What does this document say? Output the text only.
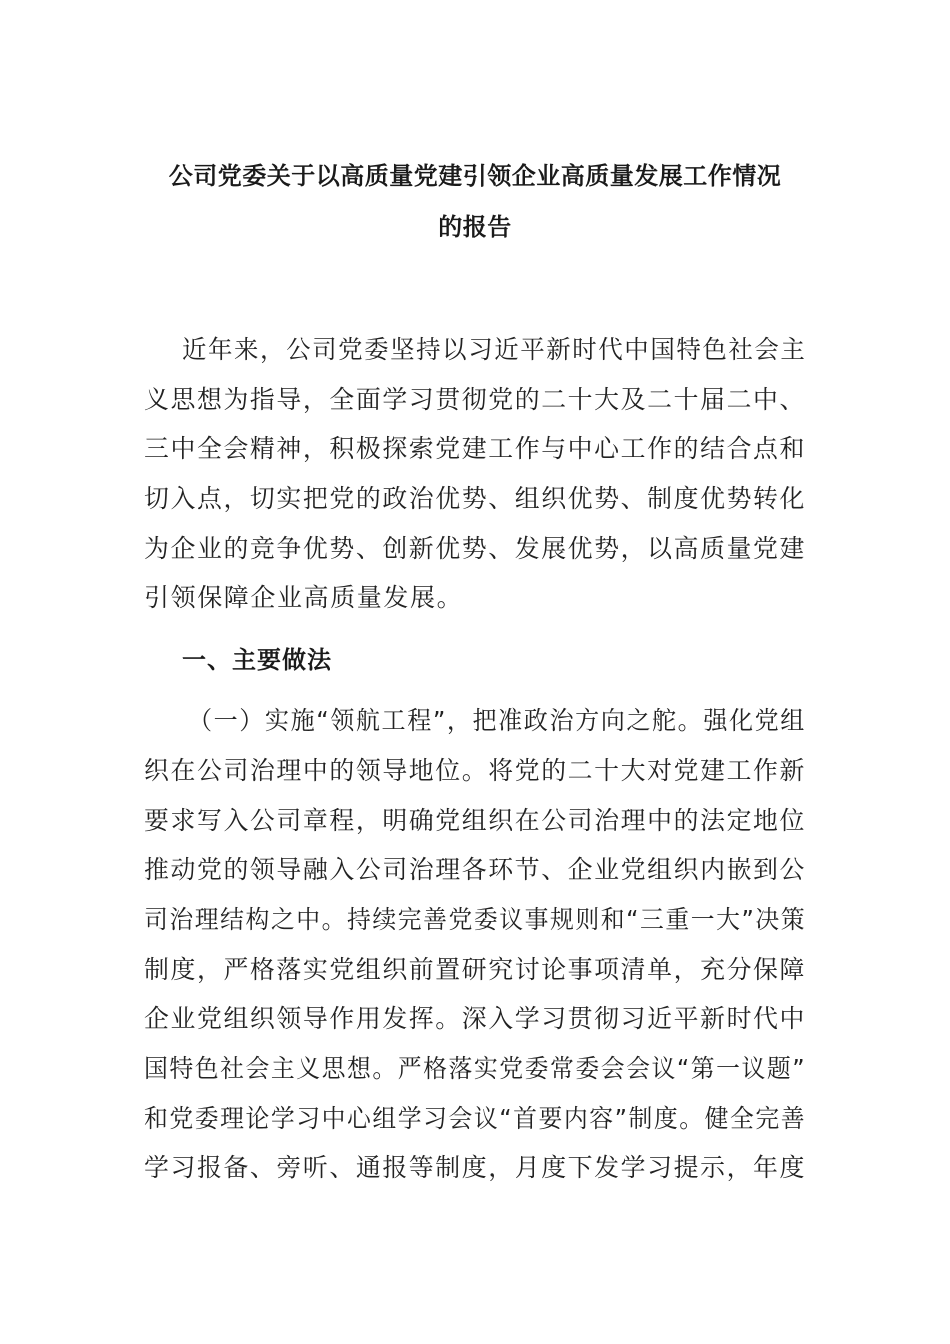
公司党委关于以高质量党建引领企业高质量发展工作情况
的报告
近年来，公司党委坚持以习近平新时代中国特色社会主
义思想为指导，全面学习贯彻党的二十大及二十届二中、
三中全会精神，积极探索党建工作与中心工作的结合点和
切入点，切实把党的政治优势、组织优势、制度优势转化
为企业的竞争优势、创新优势、发展优势，以高质量党建
引领保障企业高质量发展。
一、主要做法
（一）实施“领航工程”，把准政治方向之舵。强化党组
织在公司治理中的领导地位。将党的二十大对党建工作新
要求写入公司章程，明确党组织在公司治理中的法定地位
推动党的领导融入公司治理各环节、企业党组织内嵌到公
司治理结构之中。持续完善党委议事规则和“三重一大”决策
制度，严格落实党组织前置研究讨论事项清单，充分保障
企业党组织领导作用发挥。深入学习贯彻习近平新时代中
国特色社会主义思想。严格落实党委常委会会议“第一议题”
和党委理论学习中心组学习会议“首要内容”制度。健全完善
学习报备、旁听、通报等制度，月度下发学习提示，年度
